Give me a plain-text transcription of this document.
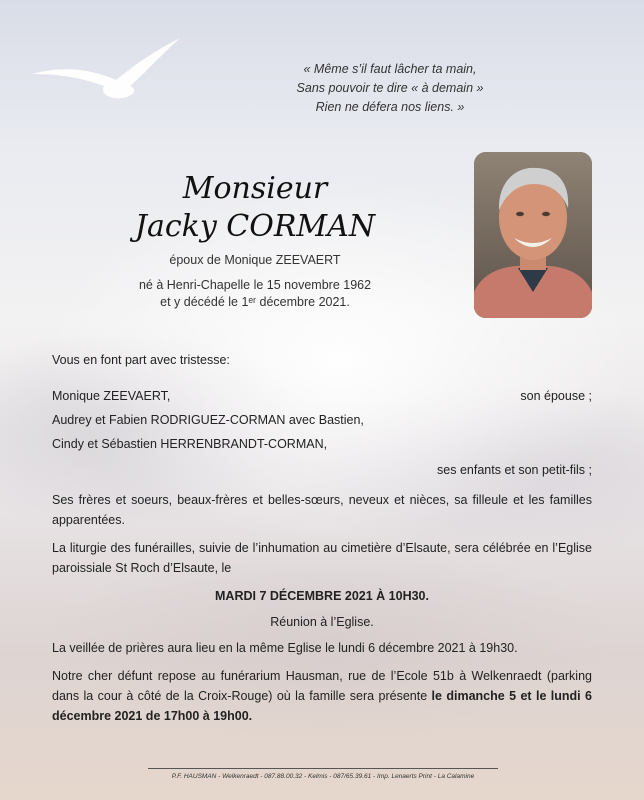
« Même s’il faut lâcher ta main,
Sans pouvoir te dire « à demain »
Rien ne défera nos liens. »
Monsieur
Jacky CORMAN
époux de Monique ZEEVAERT
né à Henri-Chapelle le 15 novembre 1962
et y décédé le 1ᵉʳ décembre 2021.

Vous en font part avec tristesse:

Monique ZEEVAERT,	son épouse ;
Audrey et Fabien RODRIGUEZ-CORMAN avec Bastien,
Cindy et Sébastien HERRENBRANDT-CORMAN,
ses enfants et son petit-fils ;

Ses frères et soeurs, beaux-frères et belles-sœurs, neveux et nièces, sa filleule et les familles apparentées.

La liturgie des funérailles, suivie de l’inhumation au cimetière d’Elsaute, sera célébrée en l’Eglise paroissiale St Roch d’Elsaute, le

MARDI 7 DÉCEMBRE 2021 À 10H30.
Réunion à l’Eglise.

La veillée de prières aura lieu en la même Eglise le lundi 6 décembre 2021 à 19h30.

Notre cher défunt repose au funérarium Hausman, rue de l’Ecole 51b à Welkenraedt (parking dans la cour à côté de la Croix-Rouge) où la famille sera présente le dimanche 5 et le lundi 6 décembre 2021 de 17h00 à 19h00.

P.F. HAUSMAN - Welkenraedt - 087.88.00.32 - Kelmis - 087/65.39.61 - Imp. Lenaerts Print - La Calamine
